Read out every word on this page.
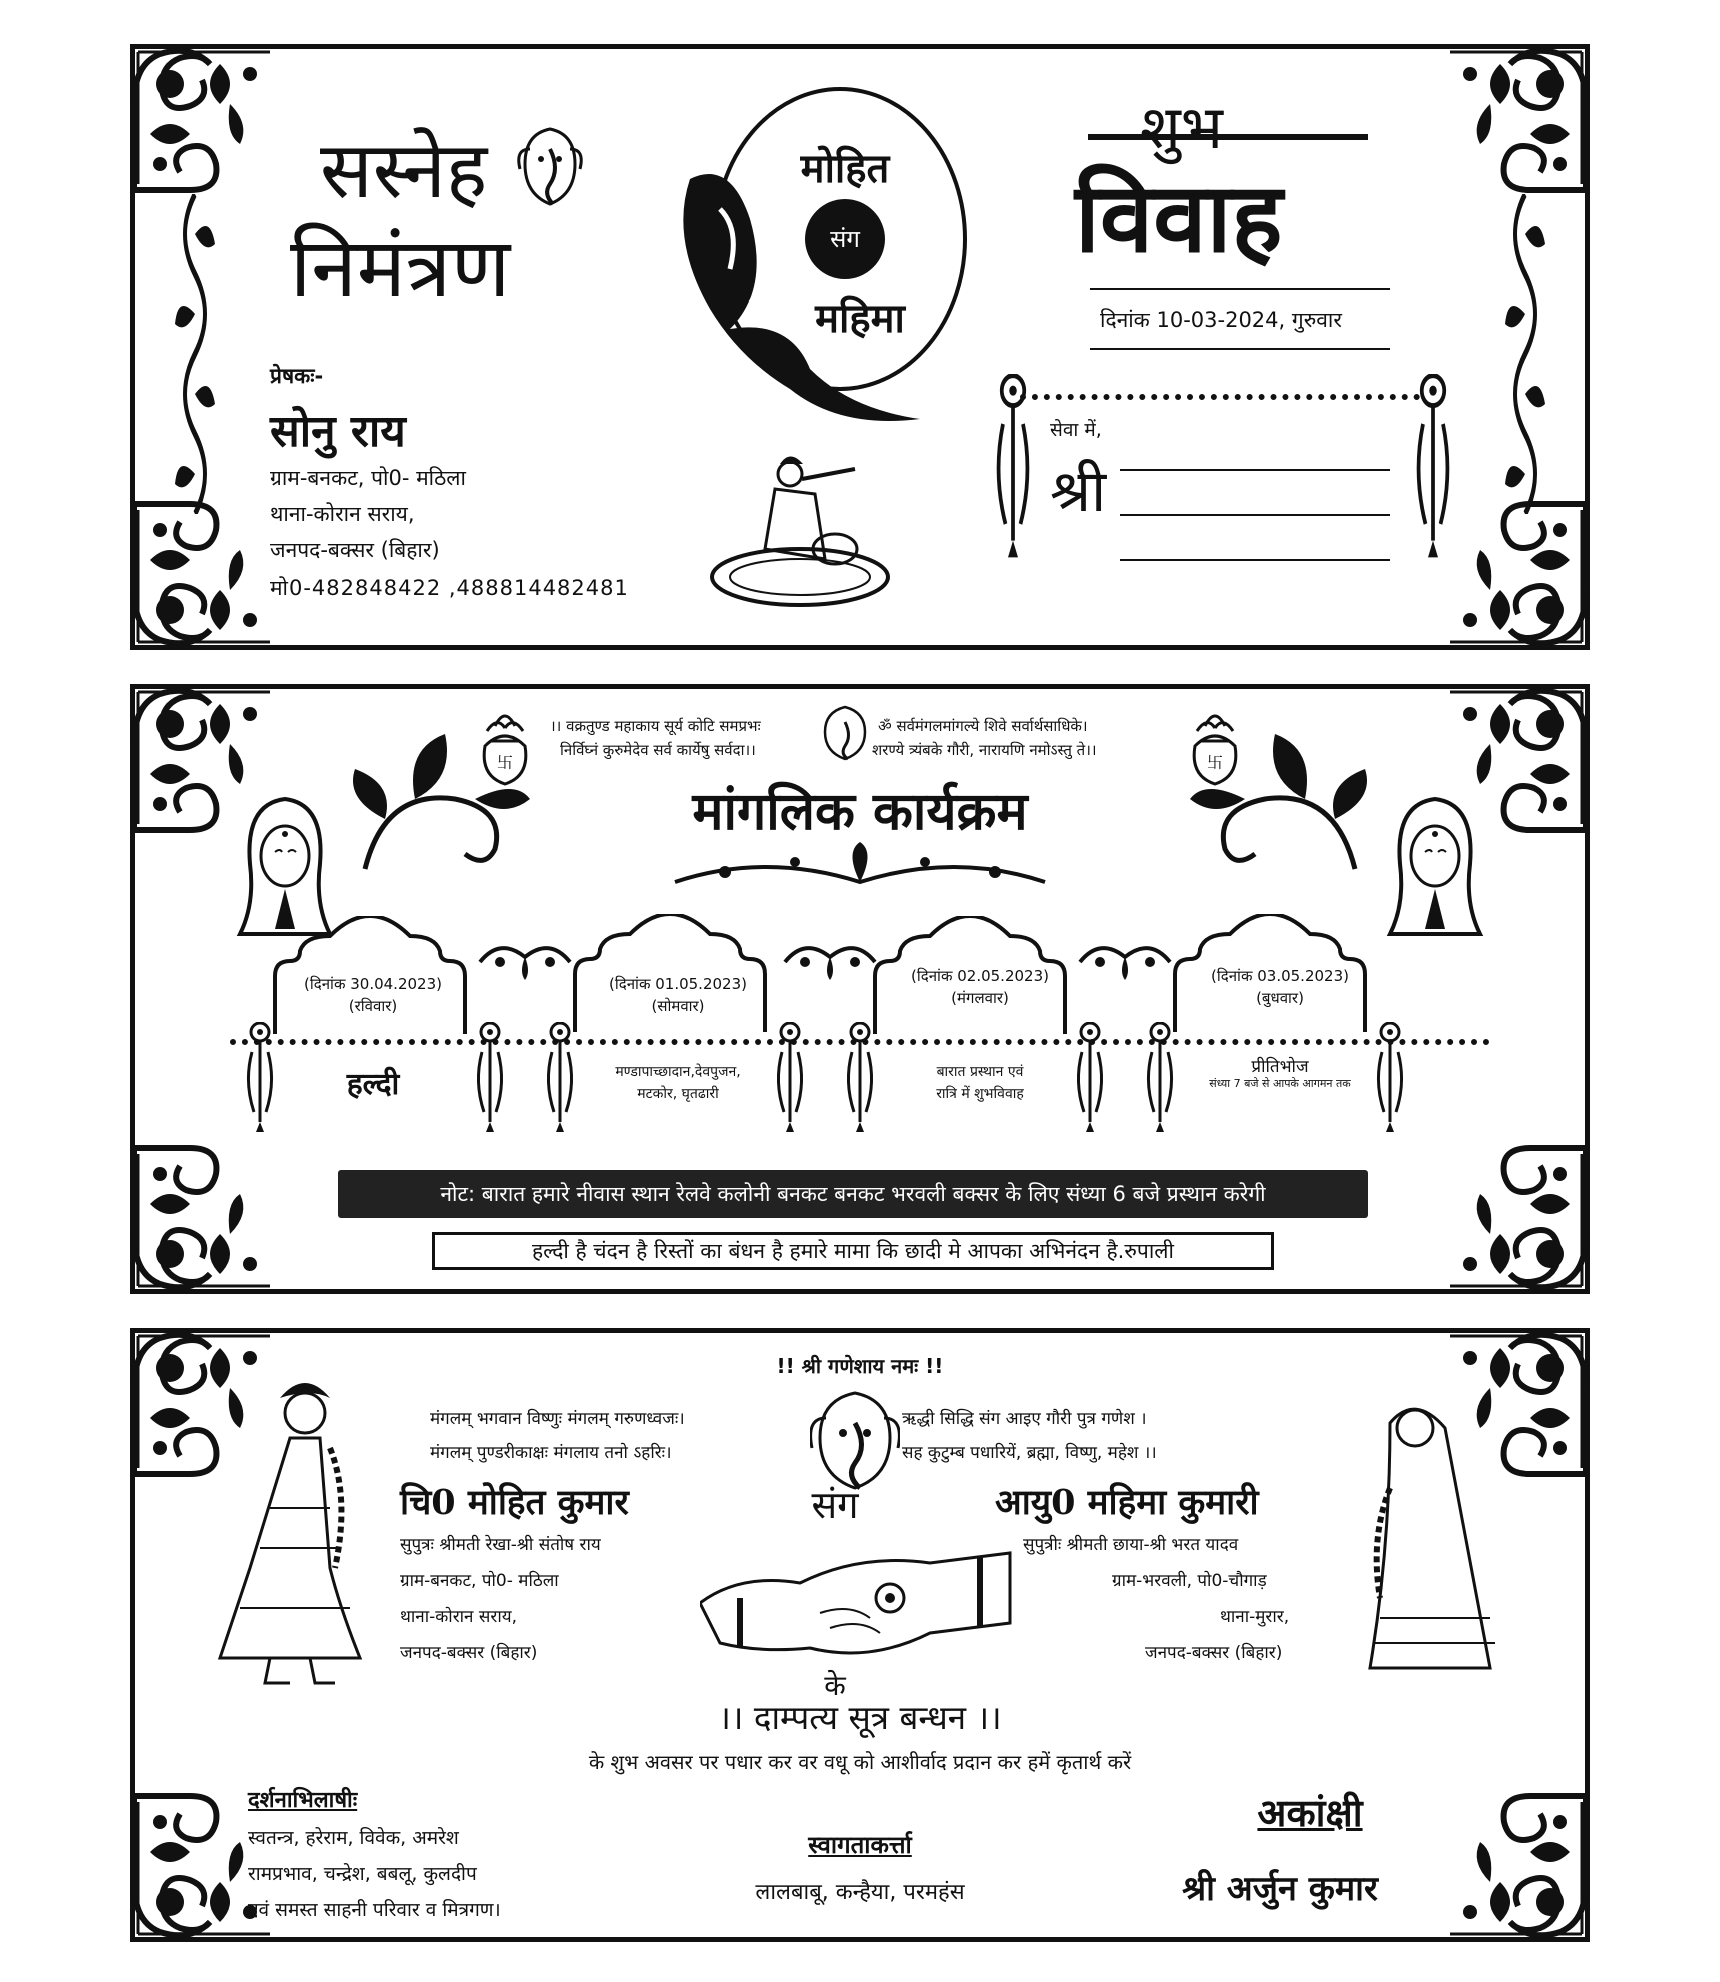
सस्नेह
निमंत्रण
प्रेषकः-
सोनु राय
ग्राम-बनकट, पो0- मठिला
थाना-कोरान सराय,
जनपद-बक्सर (बिहार)
मो0-482848422 ,488814482481
मोहित
संग
महिमा
शुभ
विवाह
दिनांक 10-03-2024, गुरुवार
सेवा में,
श्री
卐
।। वक्रतुण्ड महाकाय सूर्य कोटि समप्रभः
निर्विघ्नं कुरुमेदेव सर्व कार्येषु सर्वदा।।
ॐ सर्वमंगलमांगल्ये शिवे सर्वार्थसाधिके।
शरण्ये त्र्यंबके गौरी, नारायणि नमोऽस्तु ते।।
卐
मांगलिक कार्यक्रम
(दिनांक 30.04.2023)
(रविवार)
हल्दी
(दिनांक 01.05.2023)
(सोमवार)
मण्डापाच्छादान,देवपुजन,
मटकोर, घृतढारी
(दिनांक 02.05.2023)
(मंगलवार)
बारात प्रस्थान एवं
रात्रि में शुभविवाह
(दिनांक 03.05.2023)
(बुधवार)
प्रीतिभोज
संध्या 7 बजे से आपके आगमन तक
नोट: बारात हमारे नीवास स्थान रेलवे कलोनी बनकट बनकट भरवली बक्सर के लिए संध्या 6 बजे प्रस्थान करेगी
हल्दी है चंदन है रिस्तों का बंधन है हमारे मामा कि छादी मे आपका अभिनंदन है.रुपाली
!! श्री गणेशाय नमः !!
मंगलम् भगवान विष्णुः मंगलम् गरुणध्वजः।
मंगलम् पुण्डरीकाक्षः मंगलाय तनो ऽहरिः।
ऋद्धी सिद्धि संग आइए गौरी पुत्र गणेश ।
सह कुटुम्ब पधारियें, ब्रह्मा, विष्णु, महेश ।।
चि0 मोहित कुमार
सुपुत्रः श्रीमती रेखा-श्री संतोष राय
ग्राम-बनकट, पो0- मठिला
थाना-कोरान सराय,
जनपद-बक्सर (बिहार)
संग
के
आयु0 महिमा कुमारी
सुपुत्रीः श्रीमती छाया-श्री भरत यादव
ग्राम-भरवली, पो0-चौगाड़
थाना-मुरार,
जनपद-बक्सर (बिहार)
।। दाम्पत्य सूत्र बन्धन ।।
के शुभ अवसर पर पधार कर वर वधू को आशीर्वाद प्रदान कर हमें कृतार्थ करें
दर्शनाभिलाषीः
स्वतन्त्र, हरेराम, विवेक, अमरेश
रामप्रभाव, चन्द्रेश, बबलू, कुलदीप
एवं समस्त साहनी परिवार व मित्रगण।
स्वागताकर्त्ता
लालबाबू, कन्हैया, परमहंस
अकांक्षी
श्री अर्जुन कुमार
